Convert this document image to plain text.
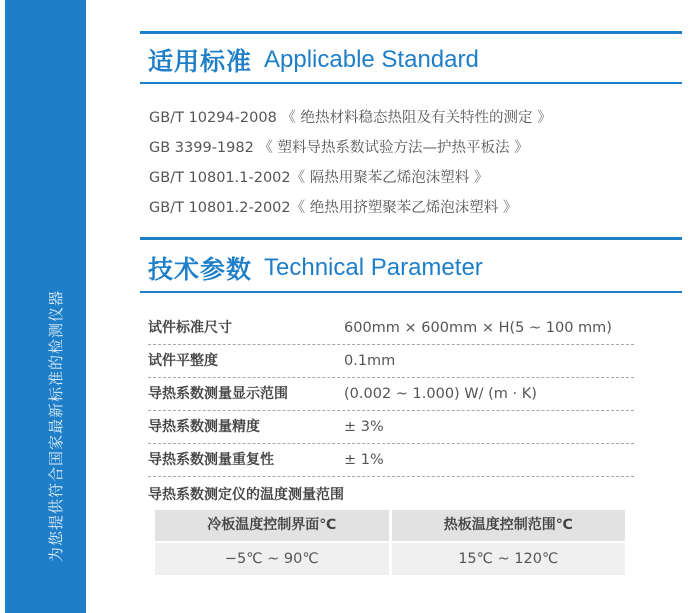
为您提供符合国家最新标准的检测仪器
适用标准 Applicable Standard
GB/T 10294-2008 《 绝热材料稳态热阻及有关特性的测定 》
GB 3399-1982 《 塑料导热系数试验方法—护热平板法 》
GB/T 10801.1-2002《 隔热用聚苯乙烯泡沫塑料 》
GB/T 10801.2-2002《 绝热用挤塑聚苯乙烯泡沫塑料 》
技术参数 Technical Parameter
试件标准尺寸	600mm × 600mm × H(5 ~ 100 mm)
试件平整度	0.1mm
导热系数测量显示范围	(0.002 ~ 1.000) W/ (m · K)
导热系数测量精度	± 3%
导热系数测量重复性	± 1%
导热系数测定仪的温度测量范围
冷板温度控制界面℃	热板温度控制范围℃
−5℃ ~ 90℃	15℃ ~ 120℃
